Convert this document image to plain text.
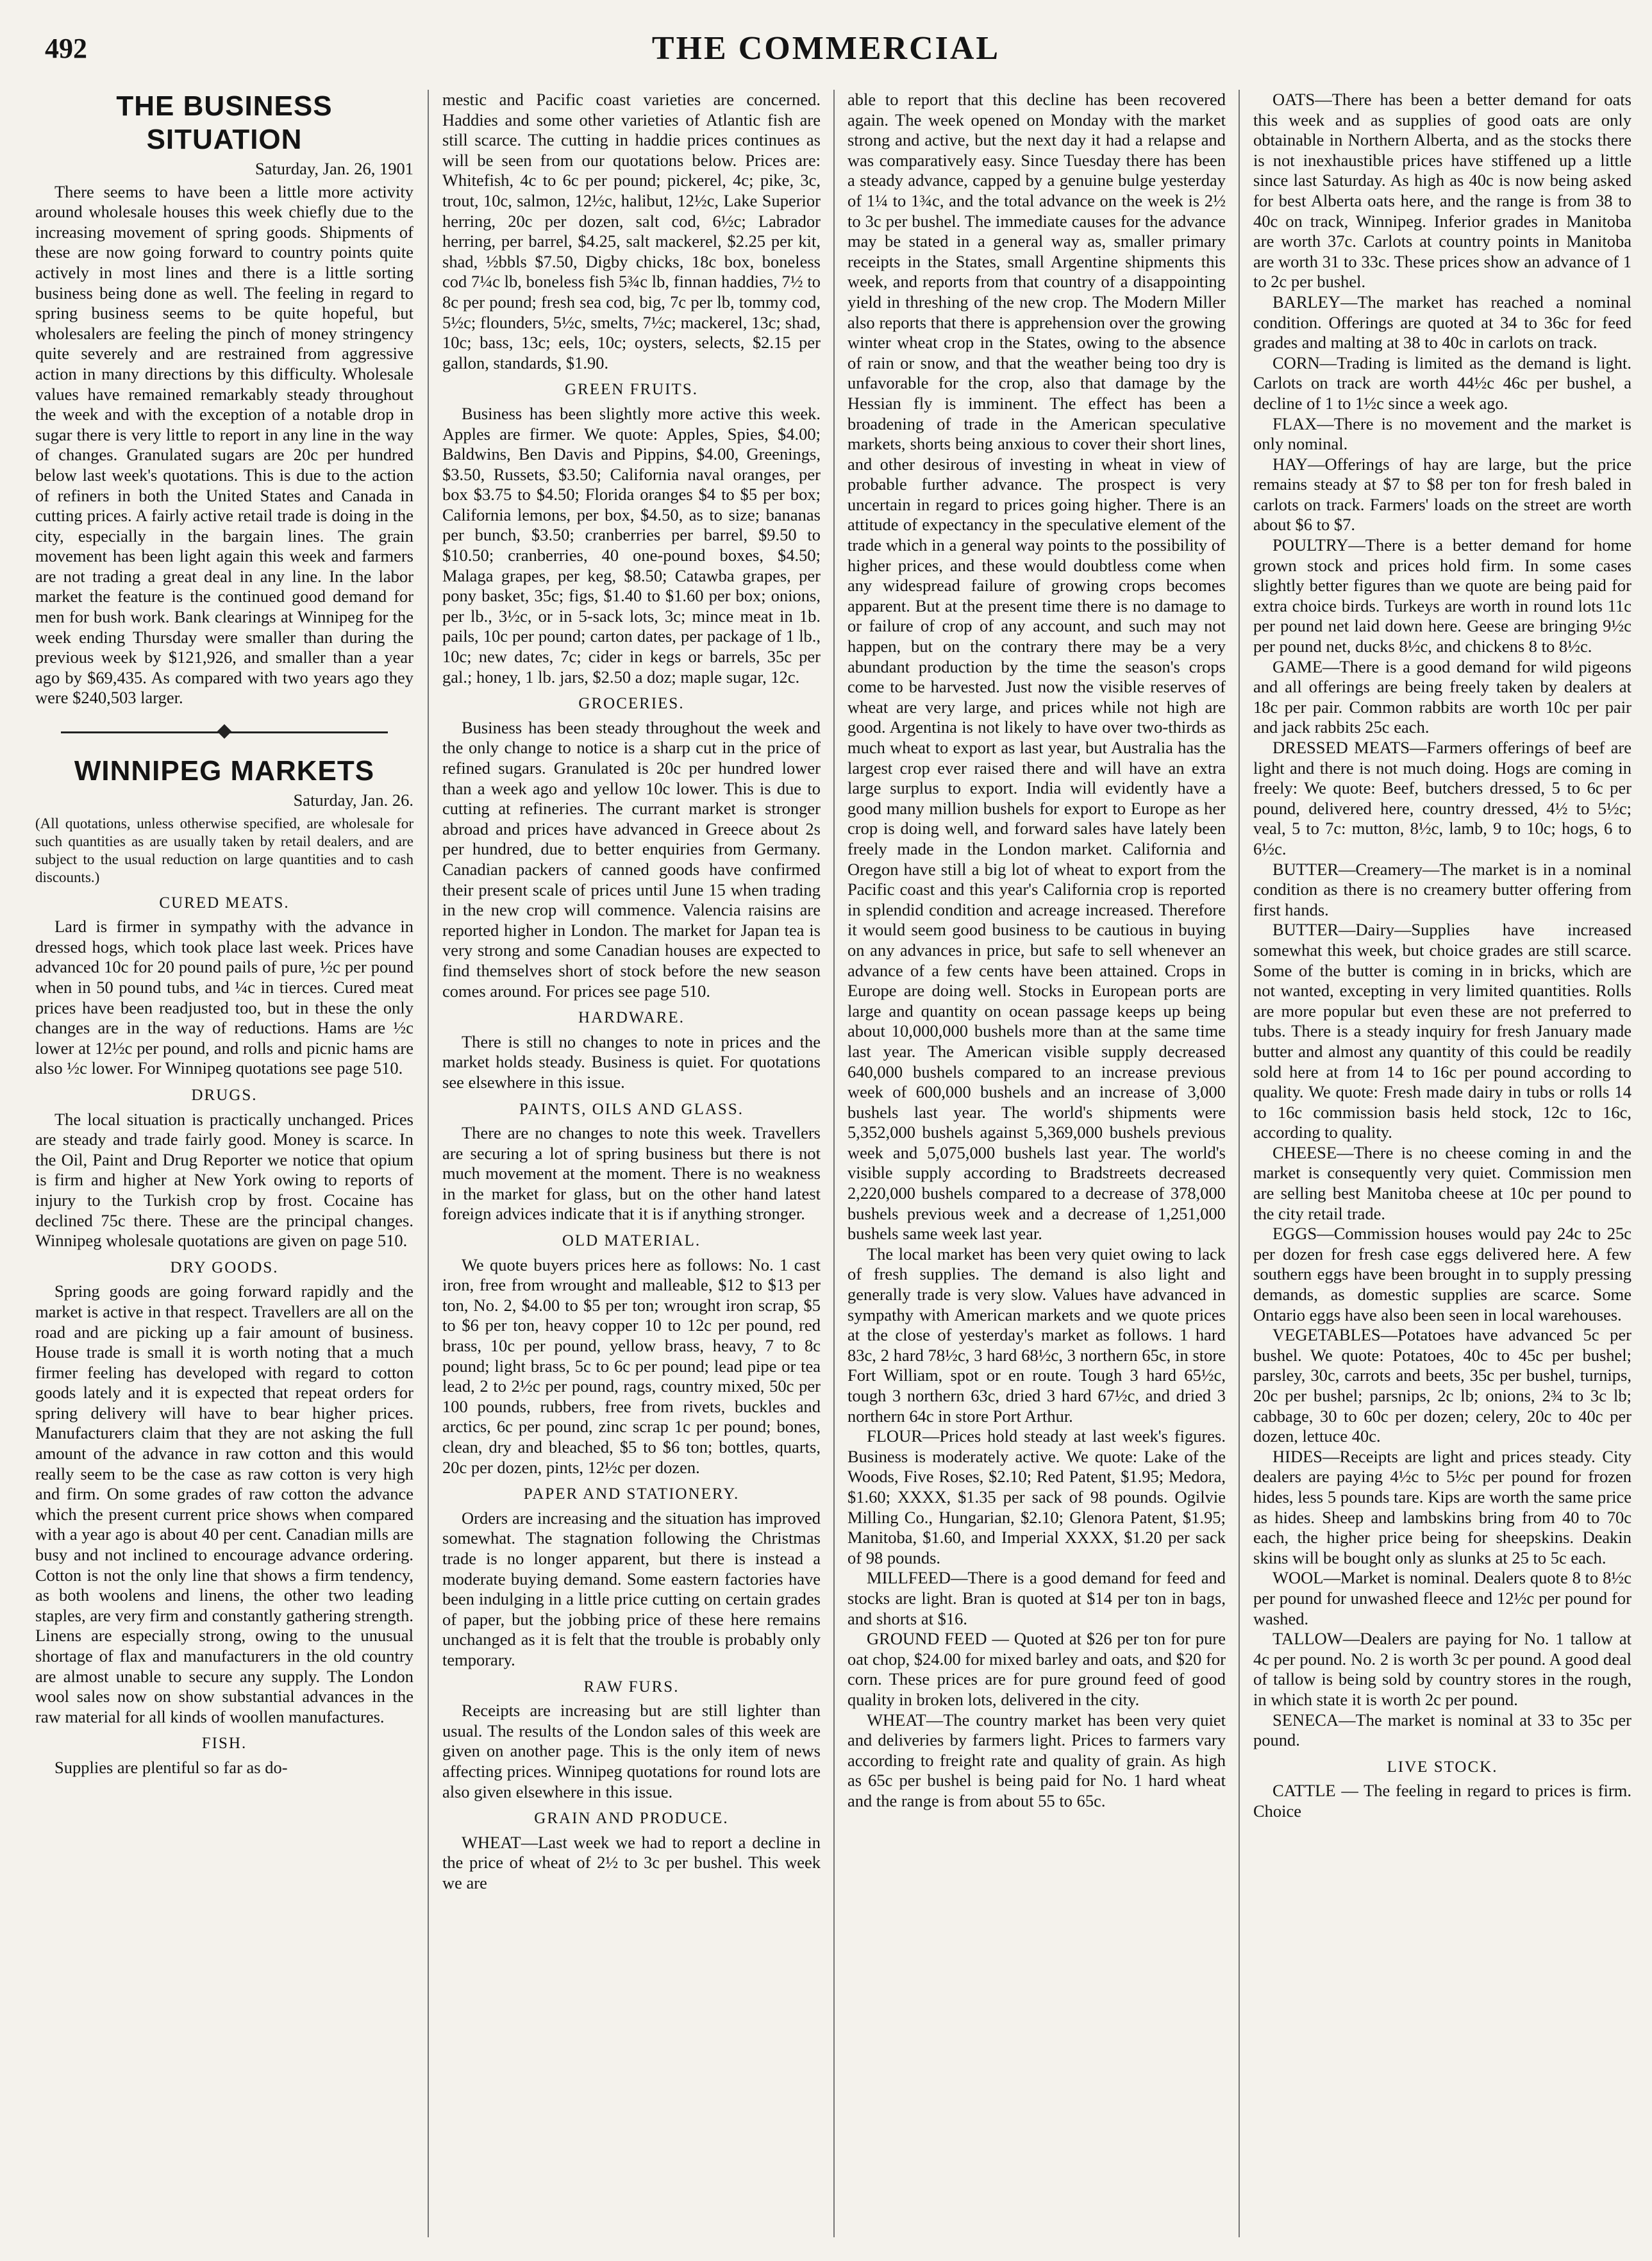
492	THE COMMERCIAL
THE BUSINESS SITUATION

Saturday, Jan. 26, 1901

There seems to have been a little more activity around wholesale houses this week chiefly due to the increasing movement of spring goods. Shipments of these are now going forward to country points quite actively in most lines and there is a little sorting business being done as well. The feeling in regard to spring business seems to be quite hopeful, but wholesalers are feeling the pinch of money stringency quite severely and are restrained from aggressive action in many directions by this difficulty. Wholesale values have remained remarkably steady throughout the week and with the exception of a notable drop in sugar there is very little to report in any line in the way of changes. Granulated sugars are 20c per hundred below last week's quotations. This is due to the action of refiners in both the United States and Canada in cutting prices. A fairly active retail trade is doing in the city, especially in the bargain lines. The grain movement has been light again this week and farmers are not trading a great deal in any line. In the labor market the feature is the continued good demand for men for bush work. Bank clearings at Winnipeg for the week ending Thursday were smaller than during the previous week by $121,926, and smaller than a year ago by $69,435. As compared with two years ago they were $240,503 larger.

WINNIPEG MARKETS

Saturday, Jan. 26.

(All quotations, unless otherwise specified, are wholesale for such quantities as are usually taken by retail dealers, and are subject to the usual reduction on large quantities and to cash discounts.)

CURED MEATS.

Lard is firmer in sympathy with the advance in dressed hogs, which took place last week. Prices have advanced 10c for 20 pound pails of pure, ½c per pound when in 50 pound tubs, and ¼c in tierces. Cured meat prices have been readjusted too, but in these the only changes are in the way of reductions. Hams are ½c lower at 12½c per pound, and rolls and picnic hams are also ½c lower. For Winnipeg quotations see page 510.

DRUGS.

The local situation is practically unchanged. Prices are steady and trade fairly good. Money is scarce. In the Oil, Paint and Drug Reporter we notice that opium is firm and higher at New York owing to reports of injury to the Turkish crop by frost. Cocaine has declined 75c there. These are the principal changes. Winnipeg wholesale quotations are given on page 510.

DRY GOODS.

Spring goods are going forward rapidly and the market is active in that respect. Travellers are all on the road and are picking up a fair amount of business. House trade is small it is worth noting that a much firmer feeling has developed with regard to cotton goods lately and it is expected that repeat orders for spring delivery will have to bear higher prices. Manufacturers claim that they are not asking the full amount of the advance in raw cotton and this would really seem to be the case as raw cotton is very high and firm. On some grades of raw cotton the advance which the present current price shows when compared with a year ago is about 40 per cent. Canadian mills are busy and not inclined to encourage advance ordering. Cotton is not the only line that shows a firm tendency, as both woolens and linens, the other two leading staples, are very firm and constantly gathering strength. Linens are especially strong, owing to the unusual shortage of flax and manufacturers in the old country are almost unable to secure any supply. The London wool sales now on show substantial advances in the raw material for all kinds of woollen manufactures.

FISH.

Supplies are plentiful so far as do-

mestic and Pacific coast varieties are concerned. Haddies and some other varieties of Atlantic fish are still scarce. The cutting in haddie prices continues as will be seen from our quotations below. Prices are: Whitefish, 4c to 6c per pound; pickerel, 4c; pike, 3c, trout, 10c, salmon, 12½c, halibut, 12½c, Lake Superior herring, 20c per dozen, salt cod, 6½c; Labrador herring, per barrel, $4.25, salt mackerel, $2.25 per kit, shad, ½bbls $7.50, Digby chicks, 18c box, boneless cod 7¼c lb, boneless fish 5¾c lb, finnan haddies, 7½ to 8c per pound; fresh sea cod, big, 7c per lb, tommy cod, 5½c; flounders, 5½c, smelts, 7½c; mackerel, 13c; shad, 10c; bass, 13c; eels, 10c; oysters, selects, $2.15 per gallon, standards, $1.90.

GREEN FRUITS.

Business has been slightly more active this week. Apples are firmer. We quote: Apples, Spies, $4.00; Baldwins, Ben Davis and Pippins, $4.00, Greenings, $3.50, Russets, $3.50; California naval oranges, per box $3.75 to $4.50; Florida oranges $4 to $5 per box; California lemons, per box, $4.50, as to size; bananas per bunch, $3.50; cranberries per barrel, $9.50 to $10.50; cranberries, 40 one-pound boxes, $4.50; Malaga grapes, per keg, $8.50; Catawba grapes, per pony basket, 35c; figs, $1.40 to $1.60 per box; onions, per lb., 3½c, or in 5-sack lots, 3c; mince meat in 1b. pails, 10c per pound; carton dates, per package of 1 lb., 10c; new dates, 7c; cider in kegs or barrels, 35c per gal.; honey, 1 lb. jars, $2.50 a doz; maple sugar, 12c.

GROCERIES.

Business has been steady throughout the week and the only change to notice is a sharp cut in the price of refined sugars. Granulated is 20c per hundred lower than a week ago and yellow 10c lower. This is due to cutting at refineries. The currant market is stronger abroad and prices have advanced in Greece about 2s per hundred, due to better enquiries from Germany. Canadian packers of canned goods have confirmed their present scale of prices until June 15 when trading in the new crop will commence. Valencia raisins are reported higher in London. The market for Japan tea is very strong and some Canadian houses are expected to find themselves short of stock before the new season comes around. For prices see page 510.

HARDWARE.

There is still no changes to note in prices and the market holds steady. Business is quiet. For quotations see elsewhere in this issue.

PAINTS, OILS AND GLASS.

There are no changes to note this week. Travellers are securing a lot of spring business but there is not much movement at the moment. There is no weakness in the market for glass, but on the other hand latest foreign advices indicate that it is if anything stronger.

OLD MATERIAL.

We quote buyers prices here as follows: No. 1 cast iron, free from wrought and malleable, $12 to $13 per ton, No. 2, $4.00 to $5 per ton; wrought iron scrap, $5 to $6 per ton, heavy copper 10 to 12c per pound, red brass, 10c per pound, yellow brass, heavy, 7 to 8c pound; light brass, 5c to 6c per pound; lead pipe or tea lead, 2 to 2½c per pound, rags, country mixed, 50c per 100 pounds, rubbers, free from rivets, buckles and arctics, 6c per pound, zinc scrap 1c per pound; bones, clean, dry and bleached, $5 to $6 ton; bottles, quarts, 20c per dozen, pints, 12½c per dozen.

PAPER AND STATIONERY.

Orders are increasing and the situation has improved somewhat. The stagnation following the Christmas trade is no longer apparent, but there is instead a moderate buying demand. Some eastern factories have been indulging in a little price cutting on certain grades of paper, but the jobbing price of these here remains unchanged as it is felt that the trouble is probably only temporary.

RAW FURS.

Receipts are increasing but are still lighter than usual. The results of the London sales of this week are given on another page. This is the only item of news affecting prices. Winnipeg quotations for round lots are also given elsewhere in this issue.

GRAIN AND PRODUCE.

WHEAT—Last week we had to report a decline in the price of wheat of 2½ to 3c per bushel. This week we are

able to report that this decline has been recovered again. The week opened on Monday with the market strong and active, but the next day it had a relapse and was comparatively easy. Since Tuesday there has been a steady advance, capped by a genuine bulge yesterday of 1¼ to 1¾c, and the total advance on the week is 2½ to 3c per bushel. The immediate causes for the advance may be stated in a general way as, smaller primary receipts in the States, small Argentine shipments this week, and reports from that country of a disappointing yield in threshing of the new crop. The Modern Miller also reports that there is apprehension over the growing winter wheat crop in the States, owing to the absence of rain or snow, and that the weather being too dry is unfavorable for the crop, also that damage by the Hessian fly is imminent. The effect has been a broadening of trade in the American speculative markets, shorts being anxious to cover their short lines, and other desirous of investing in wheat in view of probable further advance. The prospect is very uncertain in regard to prices going higher. There is an attitude of expectancy in the speculative element of the trade which in a general way points to the possibility of higher prices, and these would doubtless come when any widespread failure of growing crops becomes apparent. But at the present time there is no damage to or failure of crop of any account, and such may not happen, but on the contrary there may be a very abundant production by the time the season's crops come to be harvested. Just now the visible reserves of wheat are very large, and prices while not high are good. Argentina is not likely to have over two-thirds as much wheat to export as last year, but Australia has the largest crop ever raised there and will have an extra large surplus to export. India will evidently have a good many million bushels for export to Europe as her crop is doing well, and forward sales have lately been freely made in the London market. California and Oregon have still a big lot of wheat to export from the Pacific coast and this year's California crop is reported in splendid condition and acreage increased. Therefore it would seem good business to be cautious in buying on any advances in price, but safe to sell whenever an advance of a few cents have been attained. Crops in Europe are doing well. Stocks in European ports are large and quantity on ocean passage keeps up being about 10,000,000 bushels more than at the same time last year. The American visible supply decreased 640,000 bushels compared to an increase previous week of 600,000 bushels and an increase of 3,000 bushels last year. The world's shipments were 5,352,000 bushels against 5,369,000 bushels previous week and 5,075,000 bushels last year. The world's visible supply according to Bradstreets decreased 2,220,000 bushels compared to a decrease of 378,000 bushels previous week and a decrease of 1,251,000 bushels same week last year.

The local market has been very quiet owing to lack of fresh supplies. The demand is also light and generally trade is very slow. Values have advanced in sympathy with American markets and we quote prices at the close of yesterday's market as follows. 1 hard 83c, 2 hard 78½c, 3 hard 68½c, 3 northern 65c, in store Fort William, spot or en route. Tough 3 hard 65½c, tough 3 northern 63c, dried 3 hard 67½c, and dried 3 northern 64c in store Port Arthur.

FLOUR—Prices hold steady at last week's figures. Business is moderately active. We quote: Lake of the Woods, Five Roses, $2.10; Red Patent, $1.95; Medora, $1.60; XXXX, $1.35 per sack of 98 pounds. Ogilvie Milling Co., Hungarian, $2.10; Glenora Patent, $1.95; Manitoba, $1.60, and Imperial XXXX, $1.20 per sack of 98 pounds.

MILLFEED—There is a good demand for feed and stocks are light. Bran is quoted at $14 per ton in bags, and shorts at $16.

GROUND FEED — Quoted at $26 per ton for pure oat chop, $24.00 for mixed barley and oats, and $20 for corn. These prices are for pure ground feed of good quality in broken lots, delivered in the city.

WHEAT—The country market has been very quiet and deliveries by farmers light. Prices to farmers vary according to freight rate and quality of grain. As high as 65c per bushel is being paid for No. 1 hard wheat and the range is from about 55 to 65c.

OATS—There has been a better demand for oats this week and as supplies of good oats are only obtainable in Northern Alberta, and as the stocks there is not inexhaustible prices have stiffened up a little since last Saturday. As high as 40c is now being asked for best Alberta oats here, and the range is from 38 to 40c on track, Winnipeg. Inferior grades in Manitoba are worth 37c. Carlots at country points in Manitoba are worth 31 to 33c. These prices show an advance of 1 to 2c per bushel.

BARLEY—The market has reached a nominal condition. Offerings are quoted at 34 to 36c for feed grades and malting at 38 to 40c in carlots on track.

CORN—Trading is limited as the demand is light. Carlots on track are worth 44½c 46c per bushel, a decline of 1 to 1½c since a week ago.

FLAX—There is no movement and the market is only nominal.

HAY—Offerings of hay are large, but the price remains steady at $7 to $8 per ton for fresh baled in carlots on track. Farmers' loads on the street are worth about $6 to $7.

POULTRY—There is a better demand for home grown stock and prices hold firm. In some cases slightly better figures than we quote are being paid for extra choice birds. Turkeys are worth in round lots 11c per pound net laid down here. Geese are bringing 9½c per pound net, ducks 8½c, and chickens 8 to 8½c.

GAME—There is a good demand for wild pigeons and all offerings are being freely taken by dealers at 18c per pair. Common rabbits are worth 10c per pair and jack rabbits 25c each.

DRESSED MEATS—Farmers offerings of beef are light and there is not much doing. Hogs are coming in freely: We quote: Beef, butchers dressed, 5 to 6c per pound, delivered here, country dressed, 4½ to 5½c; veal, 5 to 7c: mutton, 8½c, lamb, 9 to 10c; hogs, 6 to 6½c.

BUTTER—Creamery—The market is in a nominal condition as there is no creamery butter offering from first hands.

BUTTER—Dairy—Supplies have increased somewhat this week, but choice grades are still scarce. Some of the butter is coming in in bricks, which are not wanted, excepting in very limited quantities. Rolls are more popular but even these are not preferred to tubs. There is a steady inquiry for fresh January made butter and almost any quantity of this could be readily sold here at from 14 to 16c per pound according to quality. We quote: Fresh made dairy in tubs or rolls 14 to 16c commission basis held stock, 12c to 16c, according to quality.

CHEESE—There is no cheese coming in and the market is consequently very quiet. Commission men are selling best Manitoba cheese at 10c per pound to the city retail trade.

EGGS—Commission houses would pay 24c to 25c per dozen for fresh case eggs delivered here. A few southern eggs have been brought in to supply pressing demands, as domestic supplies are scarce. Some Ontario eggs have also been seen in local warehouses.

VEGETABLES—Potatoes have advanced 5c per bushel. We quote: Potatoes, 40c to 45c per bushel; parsley, 30c, carrots and beets, 35c per bushel, turnips, 20c per bushel; parsnips, 2c lb; onions, 2¾ to 3c lb; cabbage, 30 to 60c per dozen; celery, 20c to 40c per dozen, lettuce 40c.

HIDES—Receipts are light and prices steady. City dealers are paying 4½c to 5½c per pound for frozen hides, less 5 pounds tare. Kips are worth the same price as hides. Sheep and lambskins bring from 40 to 70c each, the higher price being for sheepskins. Deakin skins will be bought only as slunks at 25 to 5c each.

WOOL—Market is nominal. Dealers quote 8 to 8½c per pound for unwashed fleece and 12½c per pound for washed.

TALLOW—Dealers are paying for No. 1 tallow at 4c per pound. No. 2 is worth 3c per pound. A good deal of tallow is being sold by country stores in the rough, in which state it is worth 2c per pound.

SENECA—The market is nominal at 33 to 35c per pound.

LIVE STOCK.

CATTLE — The feeling in regard to prices is firm. Choice
